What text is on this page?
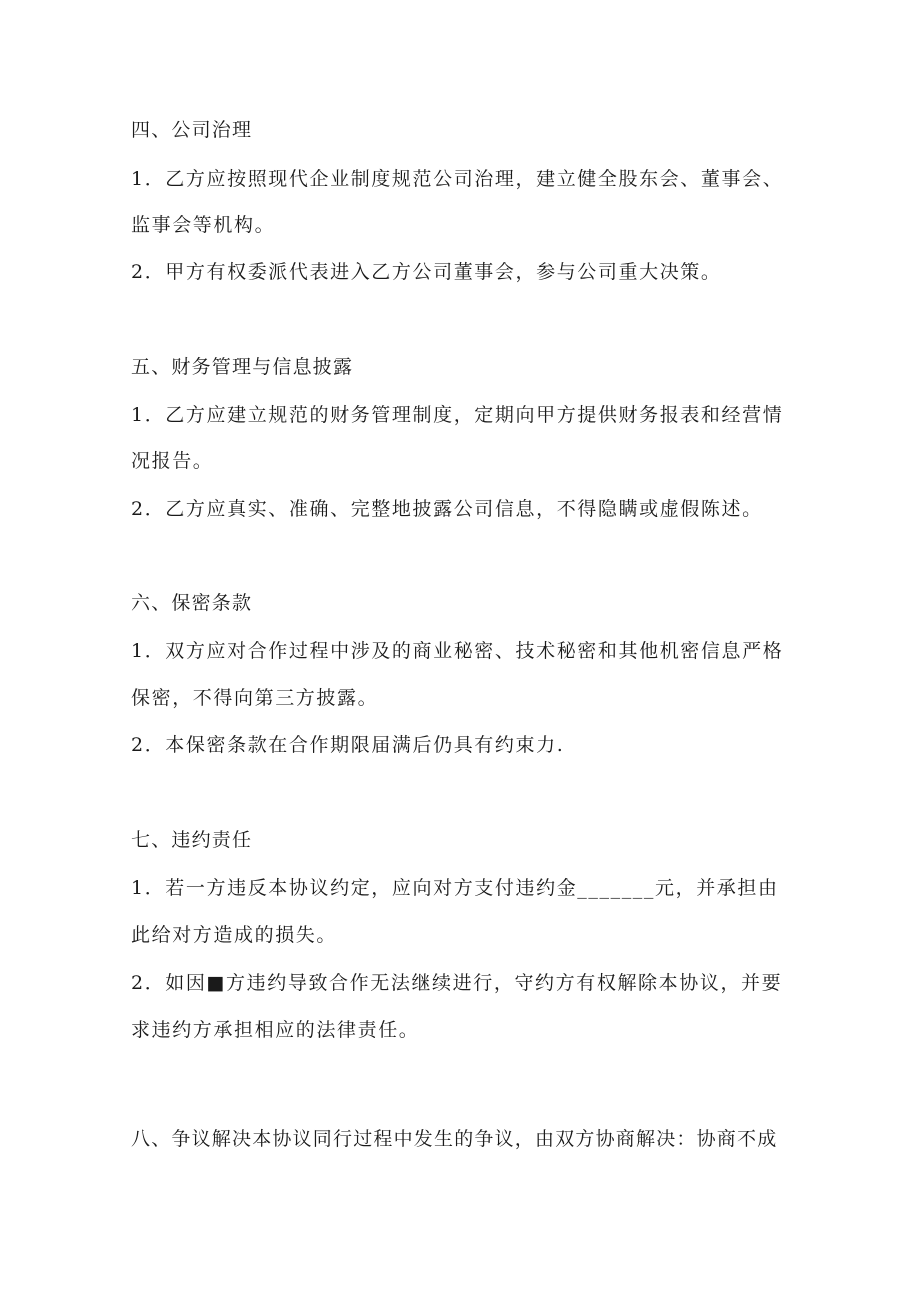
四、公司治理
1．乙方应按照现代企业制度规范公司治理，建立健全股东会、董事会、
监事会等机构。
2．甲方有权委派代表进入乙方公司董事会，参与公司重大决策。
五、财务管理与信息披露
1．乙方应建立规范的财务管理制度，定期向甲方提供财务报表和经营情
况报告。
2．乙方应真实、准确、完整地披露公司信息，不得隐瞒或虚假陈述。
六、保密条款
1．双方应对合作过程中涉及的商业秘密、技术秘密和其他机密信息严格
保密，不得向第三方披露。
2．本保密条款在合作期限届满后仍具有约束力.
七、违约责任
1．若一方违反本协议约定，应向对方支付违约金_______元，并承担由
此给对方造成的损失。
2．如因■方违约导致合作无法继续进行，守约方有权解除本协议，并要
求违约方承担相应的法律责任。
八、争议解决本协议同行过程中发生的争议，由双方协商解决：协商不成
